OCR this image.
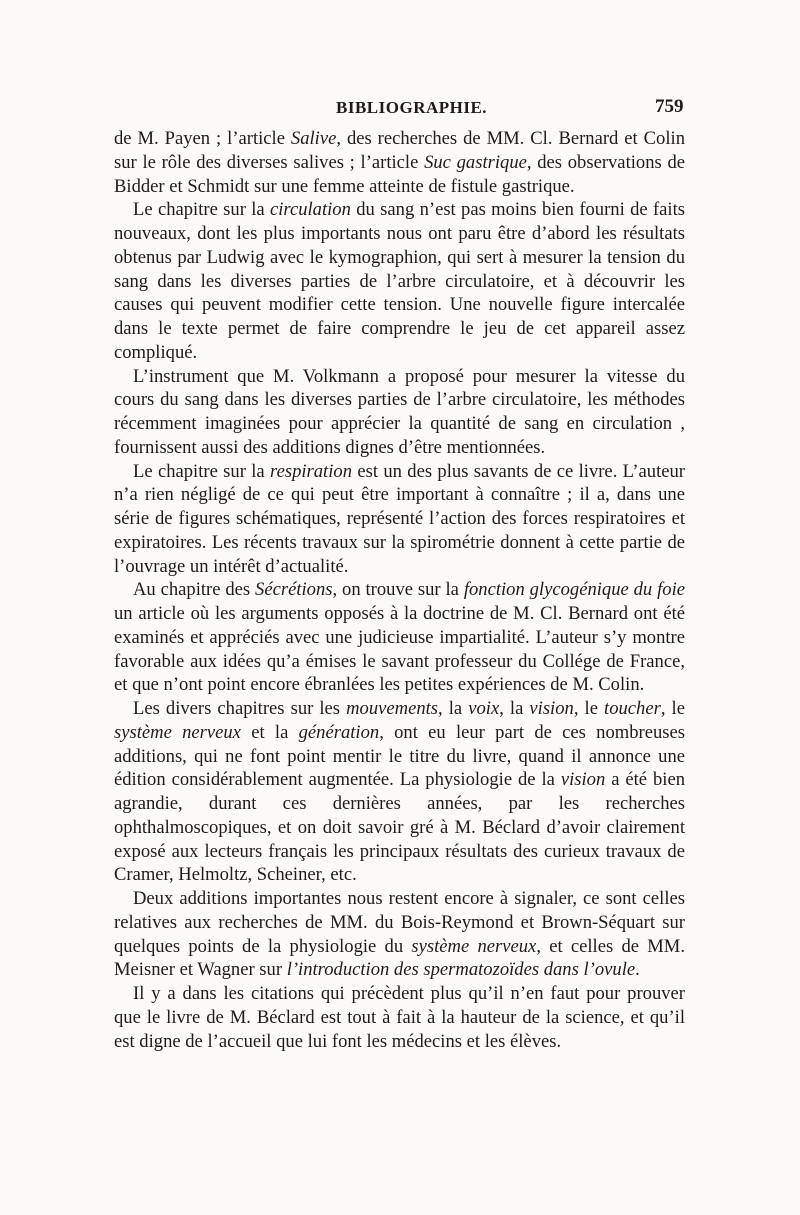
BIBLIOGRAPHIE.	759

de M. Payen ; l’article Salive, des recherches de MM. Cl. Bernard et Colin sur le rôle des diverses salives ; l’article Suc gastrique, des observations de Bidder et Schmidt sur une femme atteinte de fistule gastrique.

Le chapitre sur la circulation du sang n’est pas moins bien fourni de faits nouveaux, dont les plus importants nous ont paru être d’abord les résultats obtenus par Ludwig avec le kymographion, qui sert à mesurer la tension du sang dans les diverses parties de l’arbre circulatoire, et à découvrir les causes qui peuvent modifier cette tension. Une nouvelle figure intercalée dans le texte permet de faire comprendre le jeu de cet appareil assez compliqué.

L’instrument que M. Volkmann a proposé pour mesurer la vitesse du cours du sang dans les diverses parties de l’arbre circulatoire, les méthodes récemment imaginées pour apprécier la quantité de sang en circulation , fournissent aussi des additions dignes d’être mentionnées.

Le chapitre sur la respiration est un des plus savants de ce livre. L’auteur n’a rien négligé de ce qui peut être important à connaître ; il a, dans une série de figures schématiques, représenté l’action des forces respiratoires et expiratoires. Les récents travaux sur la spirométrie donnent à cette partie de l’ouvrage un intérêt d’actualité.

Au chapitre des Sécrétions, on trouve sur la fonction glycogénique du foie un article où les arguments opposés à la doctrine de M. Cl. Bernard ont été examinés et appréciés avec une judicieuse impartialité. L’auteur s’y montre favorable aux idées qu’a émises le savant professeur du Collége de France, et que n’ont point encore ébranlées les petites expériences de M. Colin.

Les divers chapitres sur les mouvements, la voix, la vision, le toucher, le système nerveux et la génération, ont eu leur part de ces nombreuses additions, qui ne font point mentir le titre du livre, quand il annonce une édition considérablement augmentée. La physiologie de la vision a été bien agrandie, durant ces dernières années, par les recherches ophthalmoscopiques, et on doit savoir gré à M. Béclard d’avoir clairement exposé aux lecteurs français les principaux résultats des curieux travaux de Cramer, Helmoltz, Scheiner, etc.

Deux additions importantes nous restent encore à signaler, ce sont celles relatives aux recherches de MM. du Bois-Reymond et Brown-Séquart sur quelques points de la physiologie du système nerveux, et celles de MM. Meisner et Wagner sur l’introduction des spermatozoïdes dans l’ovule.

Il y a dans les citations qui précèdent plus qu’il n’en faut pour prouver que le livre de M. Béclard est tout à fait à la hauteur de la science, et qu’il est digne de l’accueil que lui font les médecins et les élèves.
